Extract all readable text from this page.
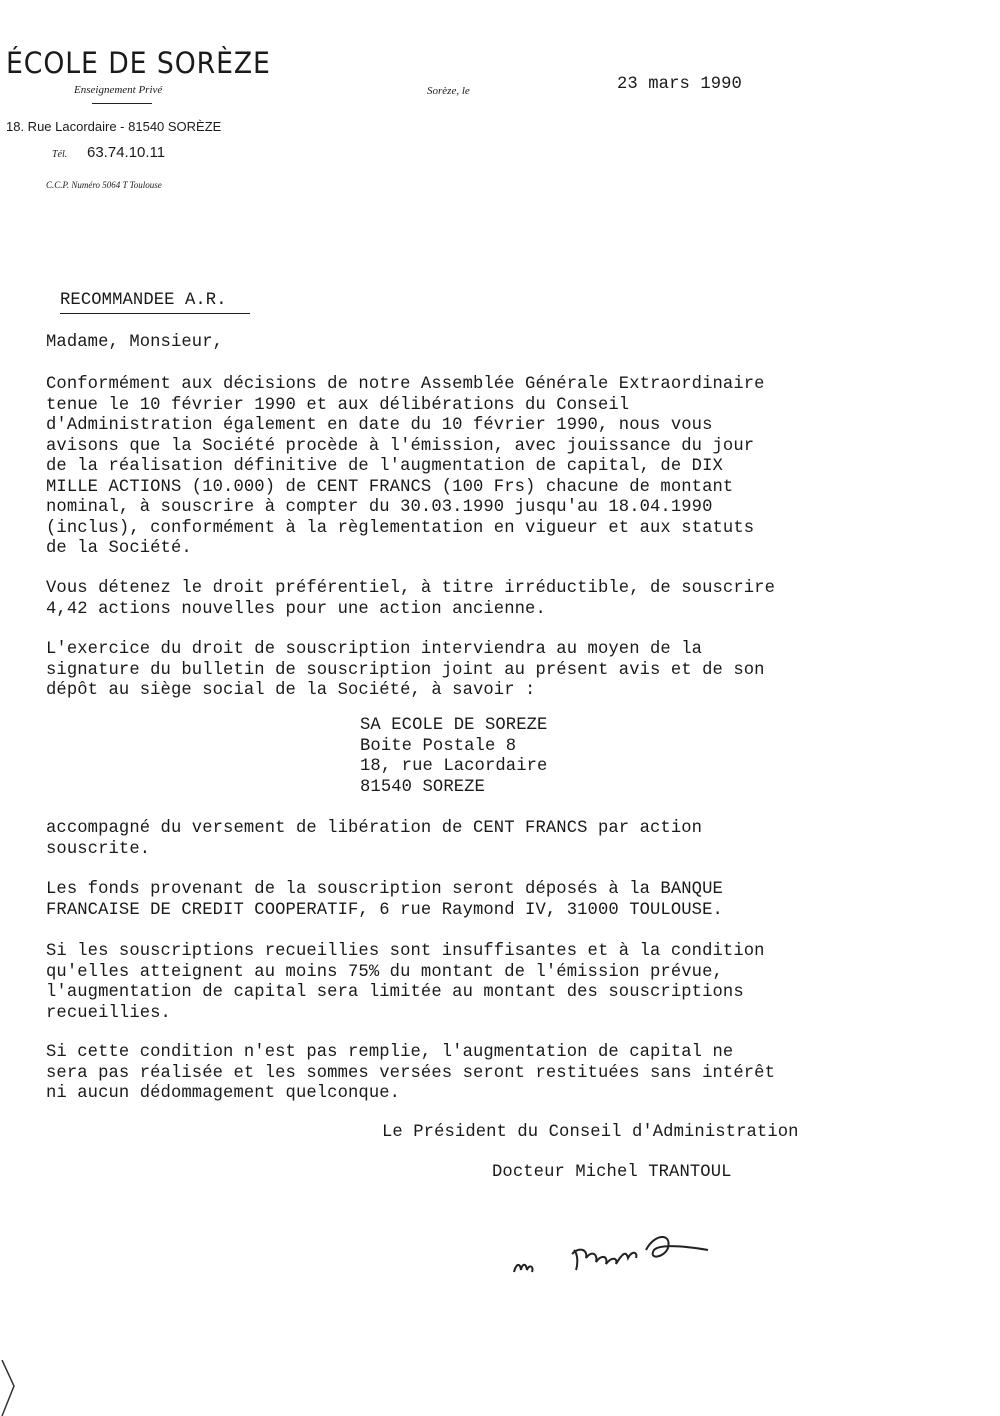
ÉCOLE DE SORÈZE
Enseignement Privé
18. Rue Lacordaire - 81540 SORÈZE
Tél. 63.74.10.11
C.C.P. Numéro 5064 T Toulouse
Sorèze, le	23 mars 1990
RECOMMANDEE A.R.

Madame, Monsieur,

Conformément aux décisions de notre Assemblée Générale Extraordinaire
tenue le 10 février 1990 et aux délibérations du Conseil
d'Administration également en date du 10 février 1990, nous vous
avisons que la Société procède à l'émission, avec jouissance du jour
de la réalisation définitive de l'augmentation de capital, de DIX
MILLE ACTIONS (10.000) de CENT FRANCS (100 Frs) chacune de montant
nominal, à souscrire à compter du 30.03.1990 jusqu'au 18.04.1990
(inclus), conformément à la règlementation en vigueur et aux statuts
de la Société.

Vous détenez le droit préférentiel, à titre irréductible, de souscrire
4,42 actions nouvelles pour une action ancienne.

L'exercice du droit de souscription interviendra au moyen de la
signature du bulletin de souscription joint au présent avis et de son
dépôt au siège social de la Société, à savoir :

SA ECOLE DE SOREZE
Boite Postale 8
18, rue Lacordaire
81540 SOREZE

accompagné du versement de libération de CENT FRANCS par action
souscrite.

Les fonds provenant de la souscription seront déposés à la BANQUE
FRANCAISE DE CREDIT COOPERATIF, 6 rue Raymond IV, 31000 TOULOUSE.

Si les souscriptions recueillies sont insuffisantes et à la condition
qu'elles atteignent au moins 75% du montant de l'émission prévue,
l'augmentation de capital sera limitée au montant des souscriptions
recueillies.

Si cette condition n'est pas remplie, l'augmentation de capital ne
sera pas réalisée et les sommes versées seront restituées sans intérêt
ni aucun dédommagement quelconque.

Le Président du Conseil d'Administration
Docteur Michel TRANTOUL
